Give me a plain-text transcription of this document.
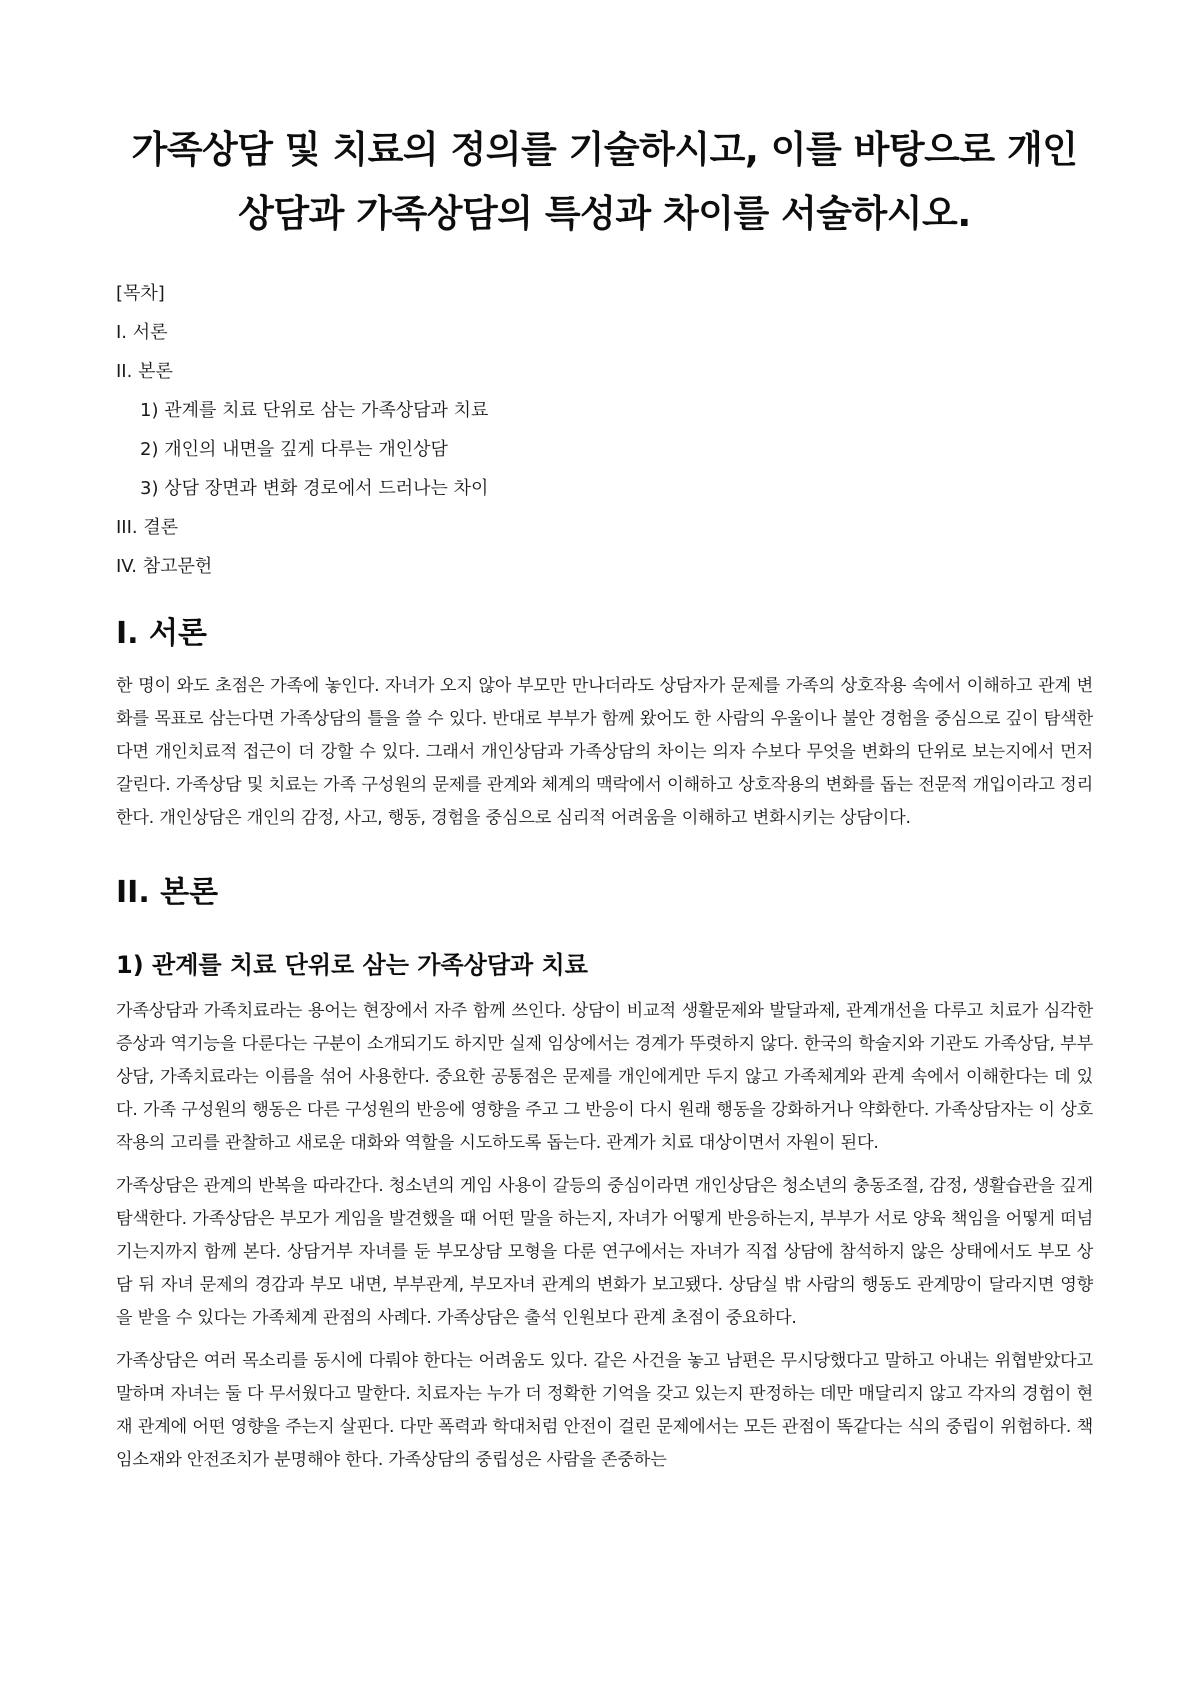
가족상담 및 치료의 정의를 기술하시고, 이를 바탕으로 개인상담과 가족상담의 특성과 차이를 서술하시오.
[목차]
I. 서론
II. 본론
1) 관계를 치료 단위로 삼는 가족상담과 치료
2) 개인의 내면을 깊게 다루는 개인상담
3) 상담 장면과 변화 경로에서 드러나는 차이
III. 결론
IV. 참고문헌
I. 서론

한 명이 와도 초점은 가족에 놓인다. 자녀가 오지 않아 부모만 만나더라도 상담자가 문제를 가족의 상호작용 속에서 이해하고 관계 변화를 목표로 삼는다면 가족상담의 틀을 쓸 수 있다. 반대로 부부가 함께 왔어도 한 사람의 우울이나 불안 경험을 중심으로 깊이 탐색한다면 개인치료적 접근이 더 강할 수 있다. 그래서 개인상담과 가족상담의 차이는 의자 수보다 무엇을 변화의 단위로 보는지에서 먼저 갈린다. 가족상담 및 치료는 가족 구성원의 문제를 관계와 체계의 맥락에서 이해하고 상호작용의 변화를 돕는 전문적 개입이라고 정리한다. 개인상담은 개인의 감정, 사고, 행동, 경험을 중심으로 심리적 어려움을 이해하고 변화시키는 상담이다.

II. 본론
1) 관계를 치료 단위로 삼는 가족상담과 치료

가족상담과 가족치료라는 용어는 현장에서 자주 함께 쓰인다. 상담이 비교적 생활문제와 발달과제, 관계개선을 다루고 치료가 심각한 증상과 역기능을 다룬다는 구분이 소개되기도 하지만 실제 임상에서는 경계가 뚜렷하지 않다. 한국의 학술지와 기관도 가족상담, 부부상담, 가족치료라는 이름을 섞어 사용한다. 중요한 공통점은 문제를 개인에게만 두지 않고 가족체계와 관계 속에서 이해한다는 데 있다. 가족 구성원의 행동은 다른 구성원의 반응에 영향을 주고 그 반응이 다시 원래 행동을 강화하거나 약화한다. 가족상담자는 이 상호작용의 고리를 관찰하고 새로운 대화와 역할을 시도하도록 돕는다. 관계가 치료 대상이면서 자원이 된다.

가족상담은 관계의 반복을 따라간다. 청소년의 게임 사용이 갈등의 중심이라면 개인상담은 청소년의 충동조절, 감정, 생활습관을 깊게 탐색한다. 가족상담은 부모가 게임을 발견했을 때 어떤 말을 하는지, 자녀가 어떻게 반응하는지, 부부가 서로 양육 책임을 어떻게 떠넘기는지까지 함께 본다. 상담거부 자녀를 둔 부모상담 모형을 다룬 연구에서는 자녀가 직접 상담에 참석하지 않은 상태에서도 부모 상담 뒤 자녀 문제의 경감과 부모 내면, 부부관계, 부모자녀 관계의 변화가 보고됐다. 상담실 밖 사람의 행동도 관계망이 달라지면 영향을 받을 수 있다는 가족체계 관점의 사례다. 가족상담은 출석 인원보다 관계 초점이 중요하다.

가족상담은 여러 목소리를 동시에 다뤄야 한다는 어려움도 있다. 같은 사건을 놓고 남편은 무시당했다고 말하고 아내는 위협받았다고 말하며 자녀는 둘 다 무서웠다고 말한다. 치료자는 누가 더 정확한 기억을 갖고 있는지 판정하는 데만 매달리지 않고 각자의 경험이 현재 관계에 어떤 영향을 주는지 살핀다. 다만 폭력과 학대처럼 안전이 걸린 문제에서는 모든 관점이 똑같다는 식의 중립이 위험하다. 책임소재와 안전조치가 분명해야 한다. 가족상담의 중립성은 사람을 존중하는
